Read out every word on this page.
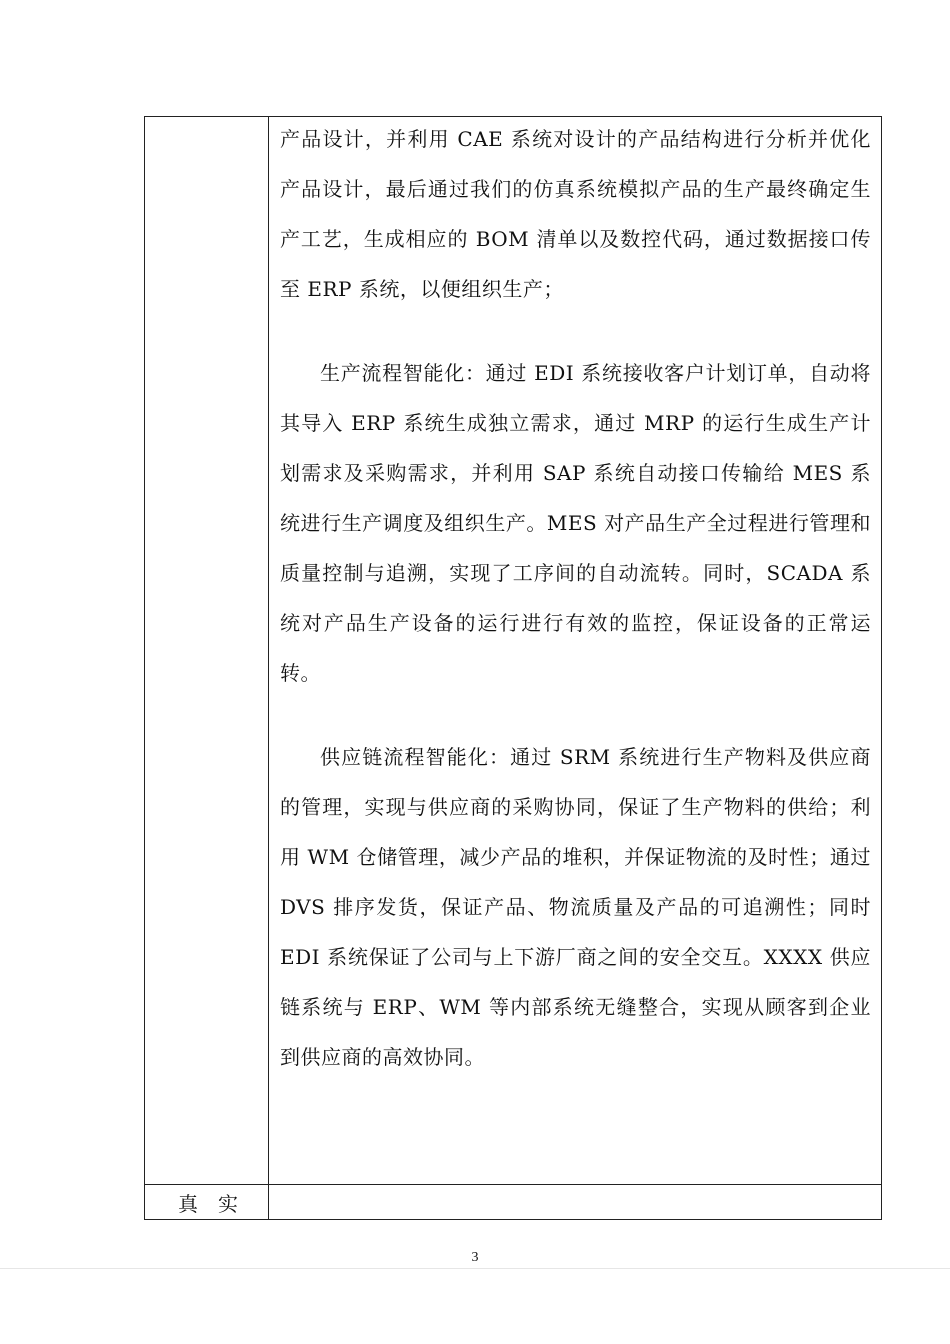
	产品设计，并利用 CAE 系统对设计的产品结构进行分析并优化产品设计，最后通过我们的仿真系统模拟产品的生产最终确定生产工艺，生成相应的 BOM 清单以及数控代码，通过数据接口传至 ERP 系统，以便组织生产；

生产流程智能化：通过 EDI 系统接收客户计划订单，自动将其导入 ERP 系统生成独立需求，通过 MRP 的运行生成生产计划需求及采购需求，并利用 SAP 系统自动接口传输给 MES 系统进行生产调度及组织生产。MES 对产品生产全过程进行管理和质量控制与追溯，实现了工序间的自动流转。同时，SCADA 系统对产品生产设备的运行进行有效的监控，保证设备的正常运转。

供应链流程智能化：通过 SRM 系统进行生产物料及供应商的管理，实现与供应商的采购协同，保证了生产物料的供给；利用 WM 仓储管理，减少产品的堆积，并保证物流的及时性；通过 DVS 排序发货，保证产品、物流质量及产品的可追溯性；同时 EDI 系统保证了公司与上下游厂商之间的安全交互。XXXX 供应链系统与 ERP、WM 等内部系统无缝整合，实现从顾客到企业到供应商的高效协同。

真实	
3
